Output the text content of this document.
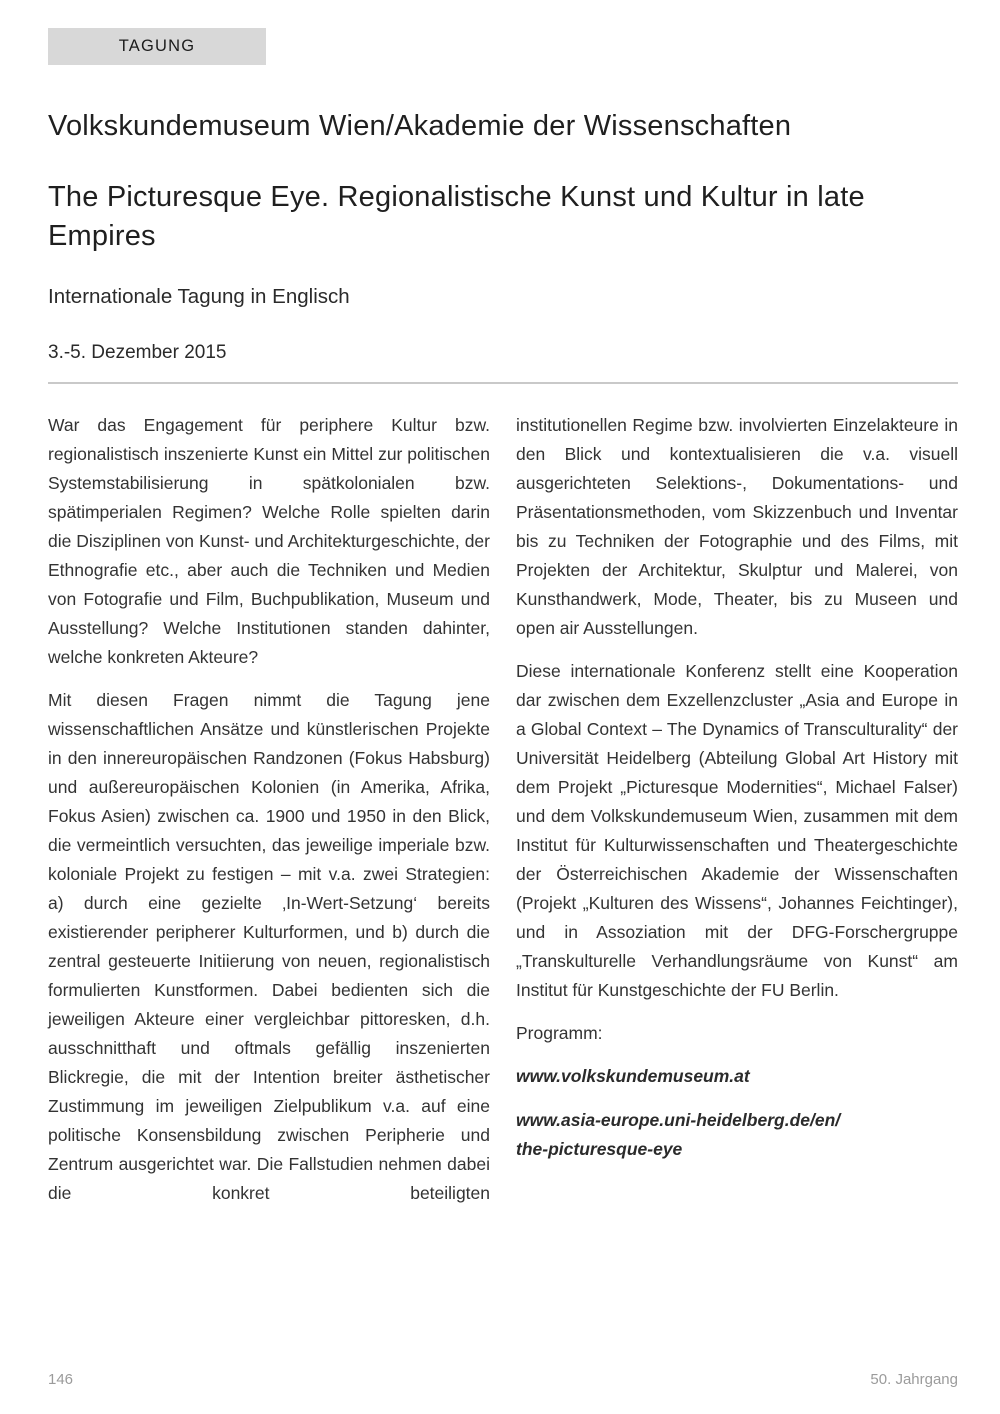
TAGUNG
Volkskundemuseum Wien/Akademie der Wissenschaften
The Picturesque Eye. Regionalistische Kunst und Kultur in late Empires

Internationale Tagung in Englisch

3.-5. Dezember 2015

War das Engagement für periphere Kultur bzw. regionalistisch inszenierte Kunst ein Mittel zur politischen Systemstabilisierung in spätkolonialen bzw. spätimperialen Regimen? Welche Rolle spielten darin die Disziplinen von Kunst- und Architekturgeschichte, der Ethnografie etc., aber auch die Techniken und Medien von Fotografie und Film, Buchpublikation, Museum und Ausstellung? Welche Institutionen standen dahinter, welche konkreten Akteure?

Mit diesen Fragen nimmt die Tagung jene wissenschaftlichen Ansätze und künstlerischen Projekte in den innereuropäischen Randzonen (Fokus Habsburg) und außereuropäischen Kolonien (in Amerika, Afrika, Fokus Asien) zwischen ca. 1900 und 1950 in den Blick, die vermeintlich versuchten, das jeweilige imperiale bzw. koloniale Projekt zu festigen – mit v.a. zwei Strategien: a) durch eine gezielte ‚In-Wert-Setzung‘ bereits existierender peripherer Kulturformen, und b) durch die zentral gesteuerte Initiierung von neuen, regionalistisch formulierten Kunstformen. Dabei bedienten sich die jeweiligen Akteure einer vergleichbar pittoresken, d.h. ausschnitthaft und oftmals gefällig inszenierten Blickregie, die mit der Intention breiter ästhetischer Zustimmung im jeweiligen Zielpublikum v.a. auf eine politische Konsensbildung zwischen Peripherie und Zentrum ausgerichtet war. Die Fallstudien nehmen dabei die konkret beteiligten

institutionellen Regime bzw. involvierten Einzelakteure in den Blick und kontextualisieren die v.a. visuell ausgerichteten Selektions-, Dokumentations- und Präsentationsmethoden, vom Skizzenbuch und Inventar bis zu Techniken der Fotographie und des Films, mit Projekten der Architektur, Skulptur und Malerei, von Kunsthandwerk, Mode, Theater, bis zu Museen und open air Ausstellungen.

Diese internationale Konferenz stellt eine Kooperation dar zwischen dem Exzellenzcluster „Asia and Europe in a Global Context – The Dynamics of Transculturality“ der Universität Heidelberg (Abteilung Global Art History mit dem Projekt „Picturesque Modernities“, Michael Falser) und dem Volkskundemuseum Wien, zusammen mit dem Institut für Kulturwissenschaften und Theatergeschichte der Österreichischen Akademie der Wissenschaften (Projekt „Kulturen des Wissens“, Johannes Feichtinger), und in Assoziation mit der DFG-Forschergruppe „Transkulturelle Verhandlungsräume von Kunst“ am Institut für Kunstgeschichte der FU Berlin.

Programm:

www.volkskundemuseum.at
www.asia-europe.uni-heidelberg.de/en/
the-picturesque-eye
146	50. Jahrgang
